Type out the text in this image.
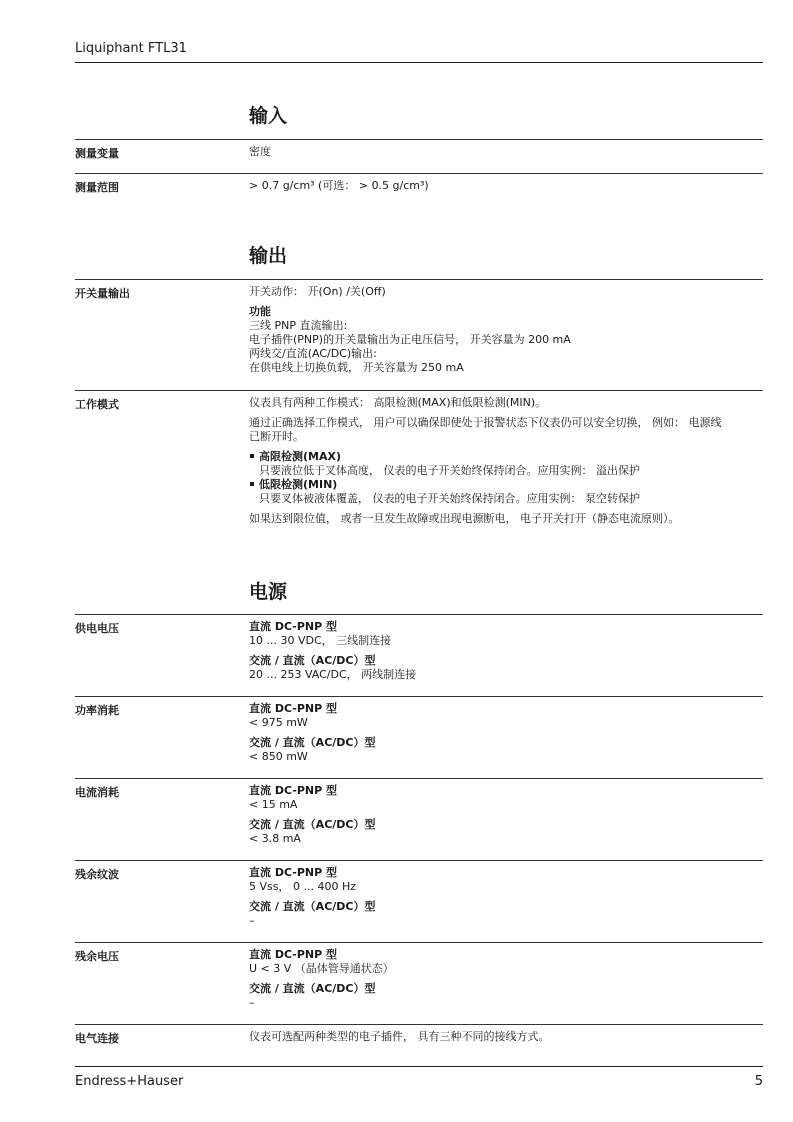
Liquiphant FTL31
输入
测量变量	密度
测量范围	> 0.7 g/cm³ (可选： > 0.5 g/cm³)
输出
开关量输出	开关动作： 开(On) /关(Off)
功能
三线 PNP 直流输出:
电子插件(PNP)的开关量输出为正电压信号， 开关容量为 200 mA
两线交/直流(AC/DC)输出:
在供电线上切换负载， 开关容量为 250 mA
工作模式	仪表具有两种工作模式： 高限检测(MAX)和低限检测(MIN)。
通过正确选择工作模式， 用户可以确保即使处于报警状态下仪表仍可以安全切换， 例如： 电源线
已断开时。
高限检测(MAX)
只要液位低于叉体高度， 仪表的电子开关始终保持闭合。应用实例： 溢出保护
低限检测(MIN)
只要叉体被液体覆盖， 仪表的电子开关始终保持闭合。应用实例： 泵空转保护
如果达到限位值， 或者一旦发生故障或出现电源断电， 电子开关打开（静态电流原则）。
电源
供电电压	直流 DC-PNP 型
10 ... 30 VDC， 三线制连接
交流 / 直流（AC/DC）型
20 ... 253 VAC/DC， 两线制连接
功率消耗	直流 DC-PNP 型
< 975 mW
交流 / 直流（AC/DC）型
< 850 mW
电流消耗	直流 DC-PNP 型
< 15 mA
交流 / 直流（AC/DC）型
< 3.8 mA
残余纹波	直流 DC-PNP 型
5 Vss， 0 ... 400 Hz
交流 / 直流（AC/DC）型
–
残余电压	直流 DC-PNP 型
U < 3 V （晶体管导通状态）
交流 / 直流（AC/DC）型
–
电气连接	仪表可选配两种类型的电子插件， 具有三种不同的接线方式。
Endress+Hauser	5
